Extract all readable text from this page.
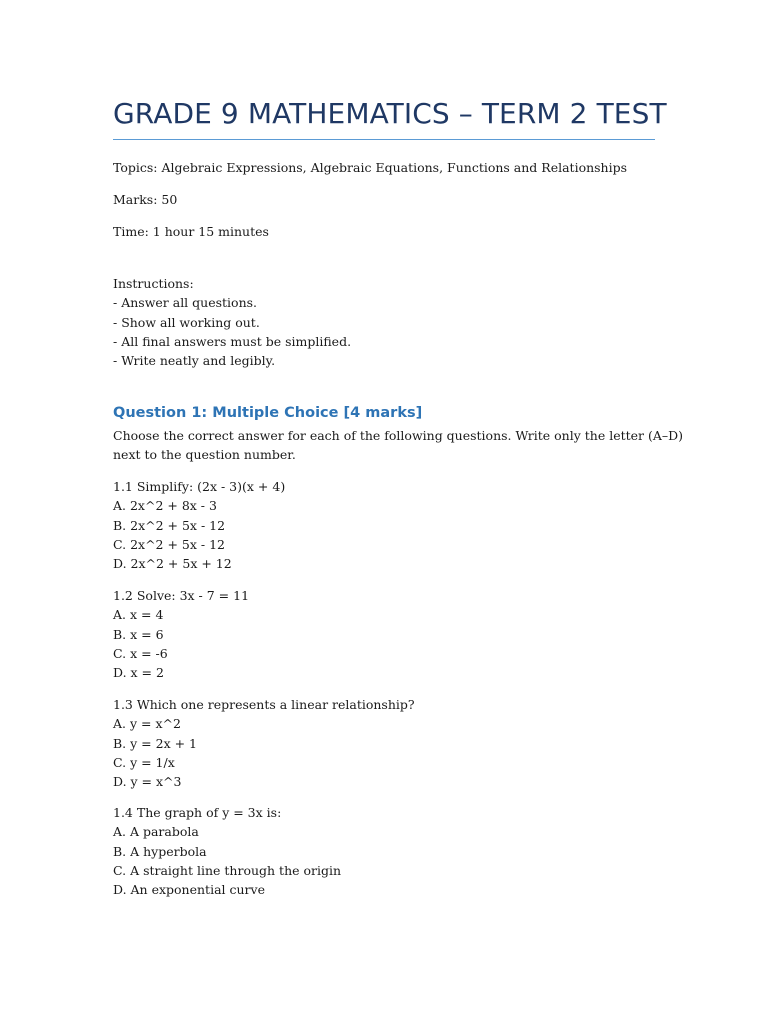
GRADE 9 MATHEMATICS – TERM 2 TEST

Topics: Algebraic Expressions, Algebraic Equations, Functions and Relationships

Marks: 50

Time: 1 hour 15 minutes

Instructions:
- Answer all questions.
- Show all working out.
- All final answers must be simplified.
- Write neatly and legibly.
Question 1: Multiple Choice [4 marks]
Choose the correct answer for each of the following questions. Write only the letter (A–D)
next to the question number.
1.1 Simplify: (2x - 3)(x + 4)
A. 2x^2 + 8x - 3
B. 2x^2 + 5x - 12
C. 2x^2 + 5x - 12
D. 2x^2 + 5x + 12
1.2 Solve: 3x - 7 = 11
A. x = 4
B. x = 6
C. x = -6
D. x = 2
1.3 Which one represents a linear relationship?
A. y = x^2
B. y = 2x + 1
C. y = 1/x
D. y = x^3
1.4 The graph of y = 3x is:
A. A parabola
B. A hyperbola
C. A straight line through the origin
D. An exponential curve
